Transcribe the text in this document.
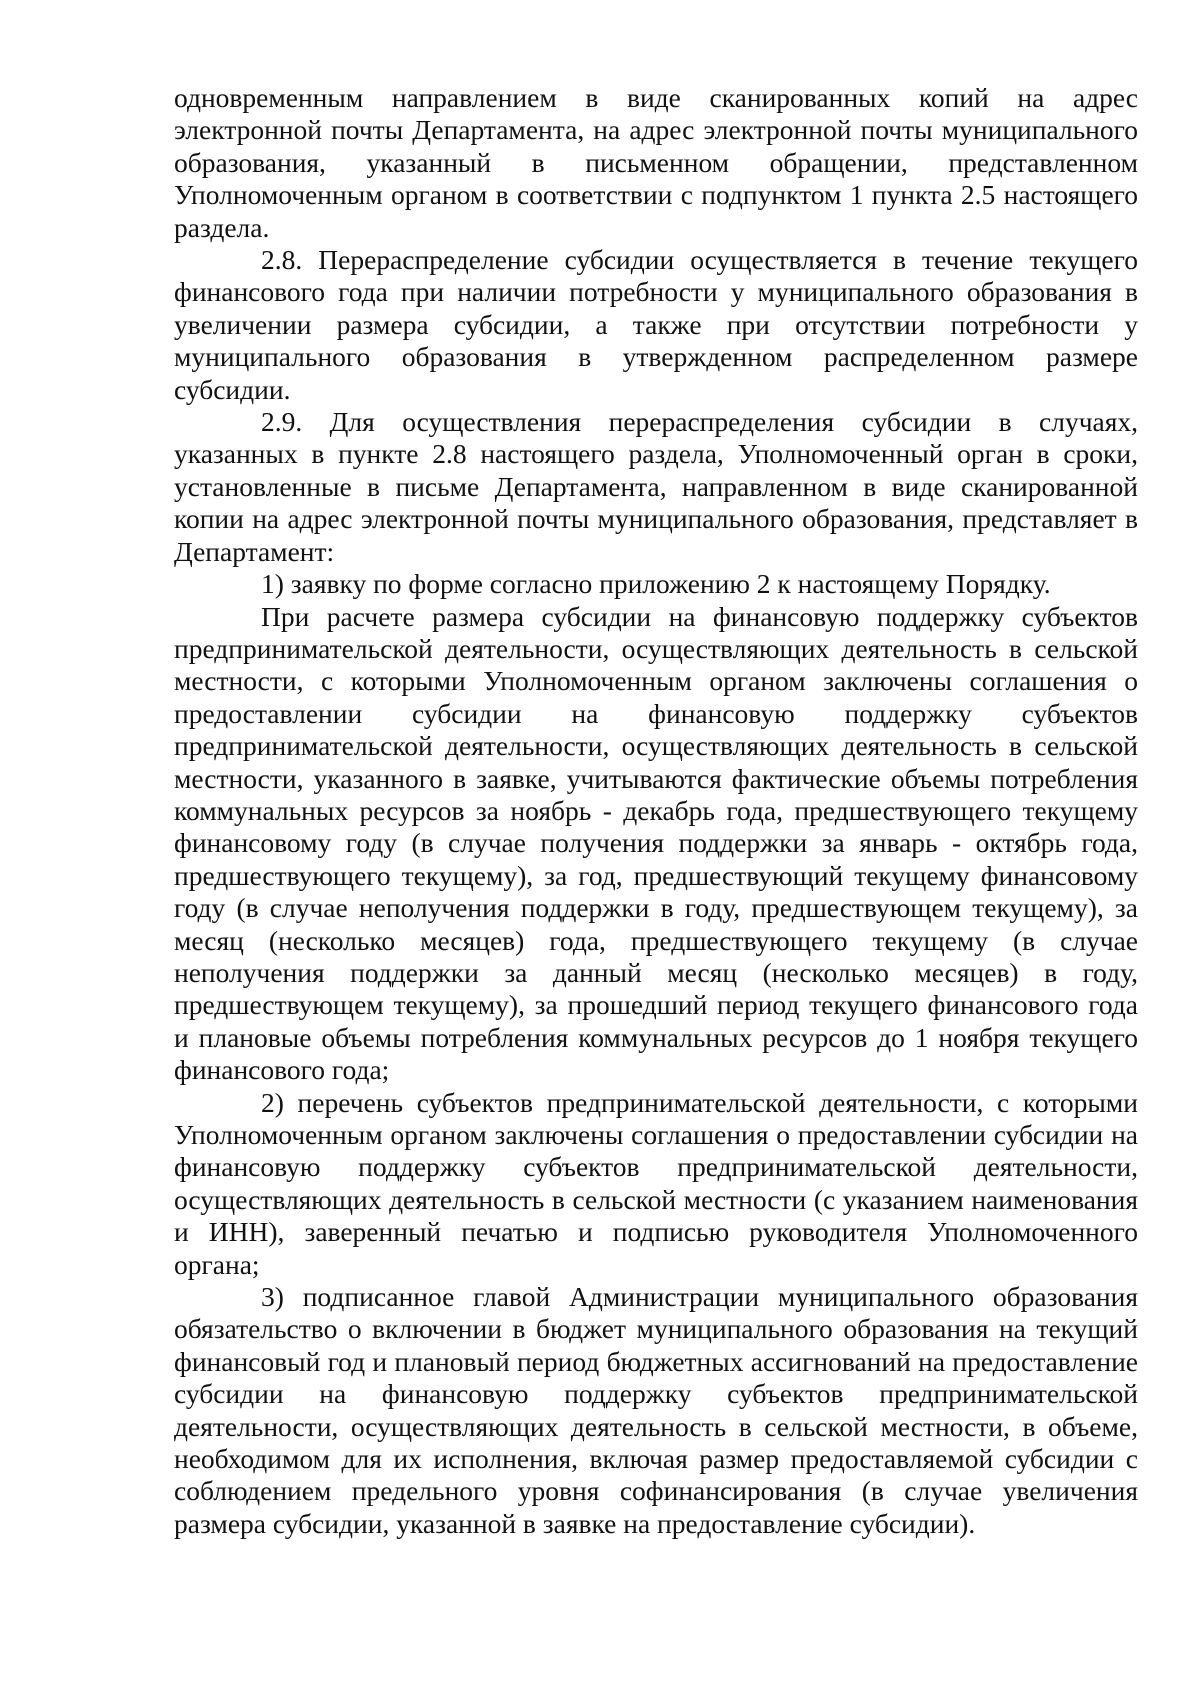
одновременным направлением в виде сканированных копий на адрес электронной почты Департамента, на адрес электронной почты муниципального образования, указанный в письменном обращении, представленном Уполномоченным органом в соответствии с подпунктом 1 пункта 2.5 настоящего раздела.

2.8. Перераспределение субсидии осуществляется в течение текущего финансового года при наличии потребности у муниципального образования в увеличении размера субсидии, а также при отсутствии потребности у муниципального образования в утвержденном распределенном размере субсидии.

2.9. Для осуществления перераспределения субсидии в случаях, указанных в пункте 2.8 настоящего раздела, Уполномоченный орган в сроки, установленные в письме Департамента, направленном в виде сканированной копии на адрес электронной почты муниципального образования, представляет в Департамент:

1) заявку по форме согласно приложению 2 к настоящему Порядку.

При расчете размера субсидии на финансовую поддержку субъектов предпринимательской деятельности, осуществляющих деятельность в сельской местности, с которыми Уполномоченным органом заключены соглашения о предоставлении субсидии на финансовую поддержку субъектов предпринимательской деятельности, осуществляющих деятельность в сельской местности, указанного в заявке, учитываются фактические объемы потребления коммунальных ресурсов за ноябрь - декабрь года, предшествующего текущему финансовому году (в случае получения поддержки за январь - октябрь года, предшествующего текущему), за год, предшествующий текущему финансовому году (в случае неполучения поддержки в году, предшествующем текущему), за месяц (несколько месяцев) года, предшествующего текущему (в случае неполучения поддержки за данный месяц (несколько месяцев) в году, предшествующем текущему), за прошедший период текущего финансового года и плановые объемы потребления коммунальных ресурсов до 1 ноября текущего финансового года;

2) перечень субъектов предпринимательской деятельности, с которыми Уполномоченным органом заключены соглашения о предоставлении субсидии на финансовую поддержку субъектов предпринимательской деятельности, осуществляющих деятельность в сельской местности (с указанием наименования и ИНН), заверенный печатью и подписью руководителя Уполномоченного органа;

3) подписанное главой Администрации муниципального образования обязательство о включении в бюджет муниципального образования на текущий финансовый год и плановый период бюджетных ассигнований на предоставление субсидии на финансовую поддержку субъектов предпринимательской деятельности, осуществляющих деятельность в сельской местности, в объеме, необходимом для их исполнения, включая размер предоставляемой субсидии с соблюдением предельного уровня софинансирования (в случае увеличения размера субсидии, указанной в заявке на предоставление субсидии).
